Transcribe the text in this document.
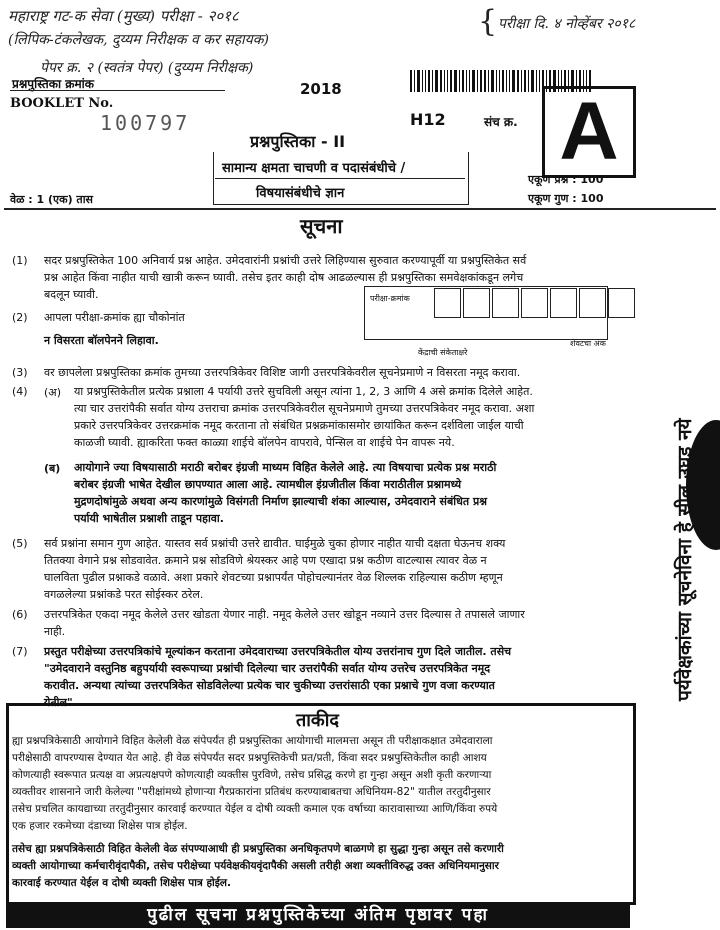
महाराष्ट्र गट-क सेवा (मुख्य) परीक्षा - २०१८
(लिपिक-टंकलेखक, दुय्यम निरीक्षक व कर सहायक)
पेपर क्र. २ (स्वतंत्र पेपर) (दुय्यम निरीक्षक)
{ परीक्षा दि. ४ नोव्हेंबर २०१८
प्रश्नपुस्तिका क्रमांक	2018
BOOKLET No.
100797	H12	संच क्र. A
प्रश्नपुस्तिका - II
सामान्य क्षमता चाचणी व पदासंबंधीचे /
विषयासंबंधीचे ज्ञान
एकूण प्रश्न : 100
एकूण गुण : 100
वेळ : 1 (एक) तास
सूचना
(1) सदर प्रश्नपुस्तिकेत 100 अनिवार्य प्रश्न आहेत. उमेदवारांनी प्रश्नांची उत्तरे लिहिण्यास सुरुवात करण्यापूर्वी या प्रश्नपुस्तिकेत सर्व
प्रश्न आहेत किंवा नाहीत याची खात्री करून घ्यावी. तसेच इतर काही दोष आढळल्यास ही प्रश्नपुस्तिका समवेक्षकांकडून लगेच
बदलून घ्यावी.
(2) आपला परीक्षा-क्रमांक ह्या चौकोनांत
न विसरता बॉलपेनने लिहावा.
परीक्षा-क्रमांक
केंद्राची संकेताक्षरे
शेवटचा अंक
(3) वर छापलेला प्रश्नपुस्तिका क्रमांक तुमच्या उत्तरपत्रिकेवर विशिष्ट जागी उत्तरपत्रिकेवरील सूचनेप्रमाणे न विसरता नमूद करावा.
(4) (अ) या प्रश्नपुस्तिकेतील प्रत्येक प्रश्नाला 4 पर्यायी उत्तरे सुचविली असून त्यांना 1, 2, 3 आणि 4 असे क्रमांक दिलेले आहेत.
त्या चार उत्तरांपैकी सर्वात योग्य उत्तराचा क्रमांक उत्तरपत्रिकेवरील सूचनेप्रमाणे तुमच्या उत्तरपत्रिकेवर नमूद करावा. अशा
प्रकारे उत्तरपत्रिकेवर उत्तरक्रमांक नमूद करताना तो संबंधित प्रश्नक्रमांकासमोर छायांकित करून दर्शविला जाईल याची
काळजी घ्यावी. ह्याकरिता फक्त काळ्या शाईचे बॉलपेन वापरावे, पेन्सिल वा शाईचे पेन वापरू नये.
(ब) आयोगाने ज्या विषयासाठी मराठी बरोबर इंग्रजी माध्यम विहित केलेले आहे. त्या विषयाचा प्रत्येक प्रश्न मराठी
बरोबर इंग्रजी भाषेत देखील छापण्यात आला आहे. त्यामधील इंग्रजीतील किंवा मराठीतील प्रश्नामध्ये
मुद्रणदोषांमुळे अथवा अन्य कारणांमुळे विसंगती निर्माण झाल्याची शंका आल्यास, उमेदवाराने संबंधित प्रश्न
पर्यायी भाषेतील प्रश्नाशी ताडून पहावा.
(5) सर्व प्रश्नांना समान गुण आहेत. यास्तव सर्व प्रश्नांची उत्तरे द्यावीत. घाईमुळे चुका होणार नाहीत याची दक्षता घेऊनच शक्य
तितक्या वेगाने प्रश्न सोडवावेत. क्रमाने प्रश्न सोडविणे श्रेयस्कर आहे पण एखादा प्रश्न कठीण वाटल्यास त्यावर वेळ न
घालविता पुढील प्रश्नाकडे वळावे. अशा प्रकारे शेवटच्या प्रश्नापर्यंत पोहोचल्यानंतर वेळ शिल्लक राहिल्यास कठीण म्हणून
वगळलेल्या प्रश्नांकडे परत सोईस्कर ठरेल.
(6) उत्तरपत्रिकेत एकदा नमूद केलेले उत्तर खोडता येणार नाही. नमूद केलेले उत्तर खोडून नव्याने उत्तर दिल्यास ते तपासले जाणार
नाही.
(7) प्रस्तुत परीक्षेच्या उत्तरपत्रिकांचे मूल्यांकन करताना उमेदवाराच्या उत्तरपत्रिकेतील योग्य उत्तरांनाच गुण दिले जातील. तसेच
"उमेदवाराने वस्तुनिष्ठ बहुपर्यायी स्वरूपाच्या प्रश्नांची दिलेल्या चार उत्तरांपैकी सर्वात योग्य उत्तरेच उत्तरपत्रिकेत नमूद
करावीत. अन्यथा त्यांच्या उत्तरपत्रिकेत सोडविलेल्या प्रत्येक चार चुकीच्या उत्तरांसाठी एका प्रश्नाचे गुण वजा करण्यात
येतील".
पर्यवेक्षकांच्या सूचनेविना हे सील उघडू नये
ताकीद
ह्या प्रश्नपत्रिकेसाठी आयोगाने विहित केलेली वेळ संपेपर्यंत ही प्रश्नपुस्तिका आयोगाची मालमत्ता असून ती परीक्षाकक्षात उमेदवाराला
परीक्षेसाठी वापरण्यास देण्यात येत आहे. ही वेळ संपेपर्यंत सदर प्रश्नपुस्तिकेची प्रत/प्रती, किंवा सदर प्रश्नपुस्तिकेतील काही आशय
कोणत्याही स्वरूपात प्रत्यक्ष वा अप्रत्यक्षपणे कोणत्याही व्यक्तीस पुरविणे, तसेच प्रसिद्ध करणे हा गुन्हा असून अशी कृती करणाऱ्या
व्यक्तीवर शासनाने जारी केलेल्या "परीक्षांमध्ये होणाऱ्या गैरप्रकारांना प्रतिबंध करण्याबाबतचा अधिनियम-82" यातील तरतुदीनुसार
तसेच प्रचलित कायद्याच्या तरतुदीनुसार कारवाई करण्यात येईल व दोषी व्यक्ती कमाल एक वर्षाच्या कारावासाच्या आणि/किंवा रुपये
एक हजार रकमेच्या दंडाच्या शिक्षेस पात्र होईल.
तसेच ह्या प्रश्नपत्रिकेसाठी विहित केलेली वेळ संपण्याआधी ही प्रश्नपुस्तिका अनधिकृतपणे बाळगणे हा सुद्धा गुन्हा असून तसे करणारी
व्यक्ती आयोगाच्या कर्मचारीवृंदापैकी, तसेच परीक्षेच्या पर्यवेक्षकीयवृंदापैकी असली तरीही अशा व्यक्तीविरुद्ध उक्त अधिनियमानुसार
कारवाई करण्यात येईल व दोषी व्यक्ती शिक्षेस पात्र होईल.
पुढील सूचना प्रश्नपुस्तिकेच्या अंतिम पृष्ठावर पहा
